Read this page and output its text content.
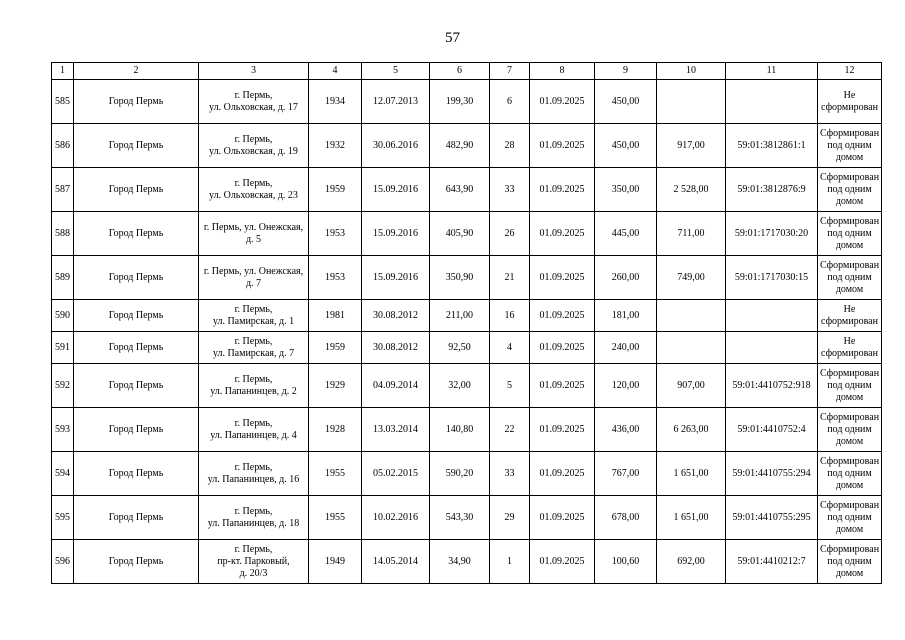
57
1	2	3	4	5	6	7	8	9	10	11	12
585	Город Пермь	г. Пермь,
ул. Ольховская, д. 17	1934	12.07.2013	199,30	6	01.09.2025	450,00			Не
сформирован
586	Город Пермь	г. Пермь,
ул. Ольховская, д. 19	1932	30.06.2016	482,90	28	01.09.2025	450,00	917,00	59:01:3812861:1	Сформирован
под одним
домом
587	Город Пермь	г. Пермь,
ул. Ольховская, д. 23	1959	15.09.2016	643,90	33	01.09.2025	350,00	2 528,00	59:01:3812876:9	Сформирован
под одним
домом
588	Город Пермь	г. Пермь, ул. Онежская,
д. 5	1953	15.09.2016	405,90	26	01.09.2025	445,00	711,00	59:01:1717030:20	Сформирован
под одним
домом
589	Город Пермь	г. Пермь, ул. Онежская,
д. 7	1953	15.09.2016	350,90	21	01.09.2025	260,00	749,00	59:01:1717030:15	Сформирован
под одним
домом
590	Город Пермь	г. Пермь,
ул. Памирская, д. 1	1981	30.08.2012	211,00	16	01.09.2025	181,00			Не
сформирован
591	Город Пермь	г. Пермь,
ул. Памирская, д. 7	1959	30.08.2012	92,50	4	01.09.2025	240,00			Не
сформирован
592	Город Пермь	г. Пермь,
ул. Папанинцев, д. 2	1929	04.09.2014	32,00	5	01.09.2025	120,00	907,00	59:01:4410752:918	Сформирован
под одним
домом
593	Город Пермь	г. Пермь,
ул. Папанинцев, д. 4	1928	13.03.2014	140,80	22	01.09.2025	436,00	6 263,00	59:01:4410752:4	Сформирован
под одним
домом
594	Город Пермь	г. Пермь,
ул. Папанинцев, д. 16	1955	05.02.2015	590,20	33	01.09.2025	767,00	1 651,00	59:01:4410755:294	Сформирован
под одним
домом
595	Город Пермь	г. Пермь,
ул. Папанинцев, д. 18	1955	10.02.2016	543,30	29	01.09.2025	678,00	1 651,00	59:01:4410755:295	Сформирован
под одним
домом
596	Город Пермь	г. Пермь,
пр-кт. Парковый,
д. 20/3	1949	14.05.2014	34,90	1	01.09.2025	100,60	692,00	59:01:4410212:7	Сформирован
под одним
домом
